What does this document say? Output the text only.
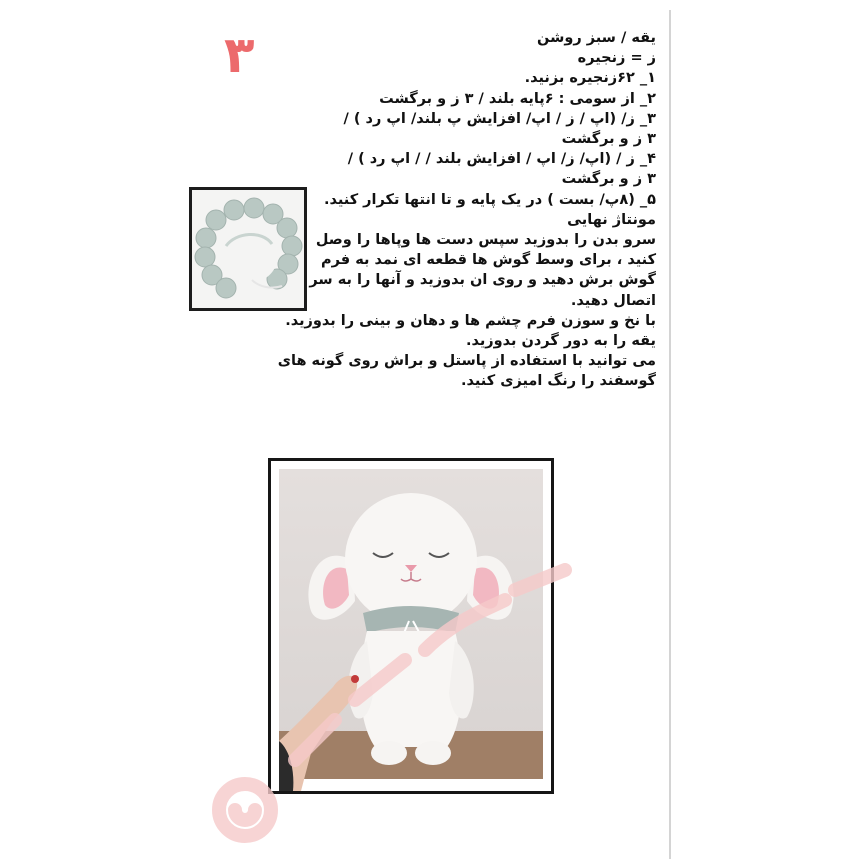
۳	یقه / سبز روشن
ز = زنجیره
۱_ ۶۲زنجیره بزنید.
۲_ از سومی : ۶پایه بلند / ۳ ز و برگشت
۳_ ز/ (اپ / ز / اپ/ افزایش پ بلند/ اپ رد ) /
۳ ز و برگشت
۴_ ز / (اپ/ ز/ اپ / افزایش بلند / / اپ رد ) /
۳ ز و برگشت
۵_ (۸پ/ بست ) در یک پایه و تا انتها تکرار کنید.
مونتاژ نهایی
سرو بدن را بدوزید سپس دست ها وپاها را وصل
کنید ، برای وسط گوش ها قطعه ای نمد به فرم
گوش برش دهید و روی ان بدوزید و آنها را به سر
اتصال دهید.
با نخ و سوزن فرم چشم ها و دهان و بینی را بدوزید.
یقه را به دور گردن بدوزید.
می توانید با استفاده از پاستل و براش روی گونه های
گوسفند را رنگ امیزی کنید.
